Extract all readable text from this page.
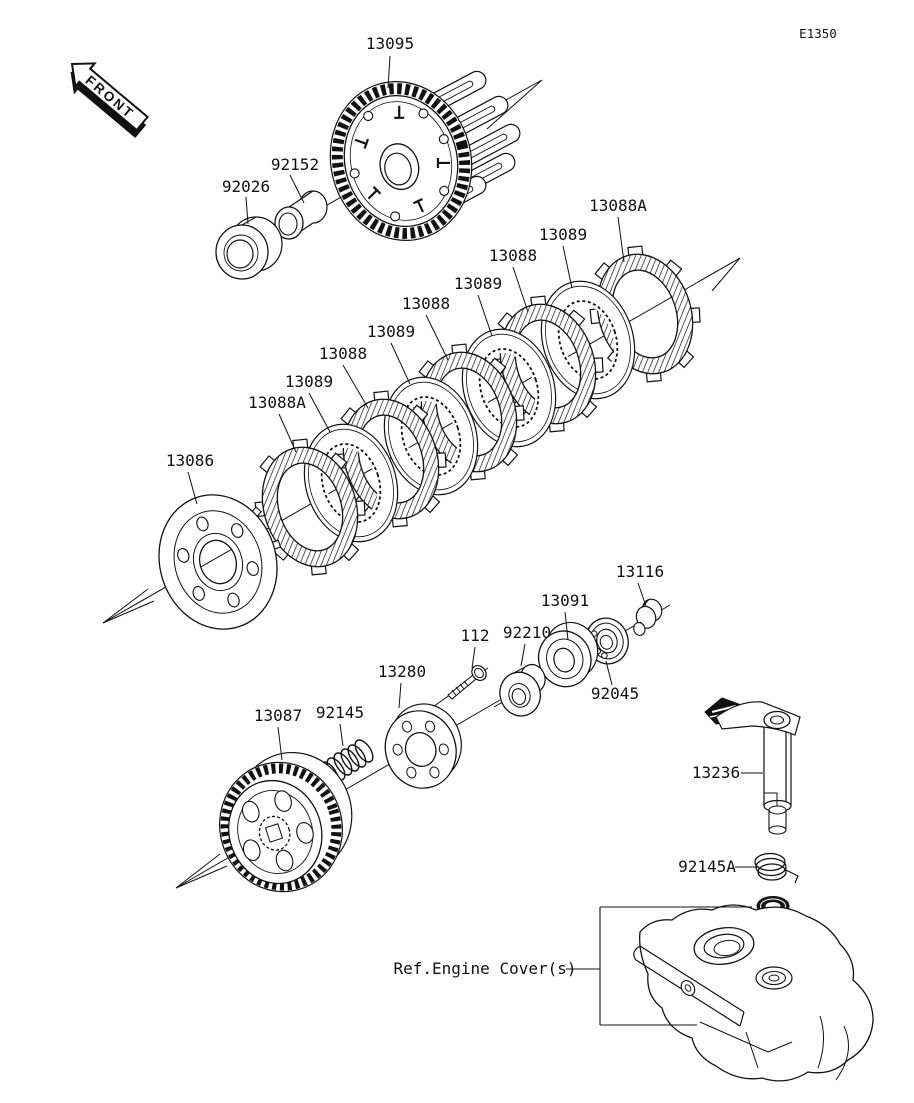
Ref.Engine Cover(s)
13095
92152
92026
13088A
13089
13088
13089
13088
13089
13088
13089
13088A
13086
13116
13091
92210
112
92045
13280
92145
13087
13236
92145A
FRONT
E1350
